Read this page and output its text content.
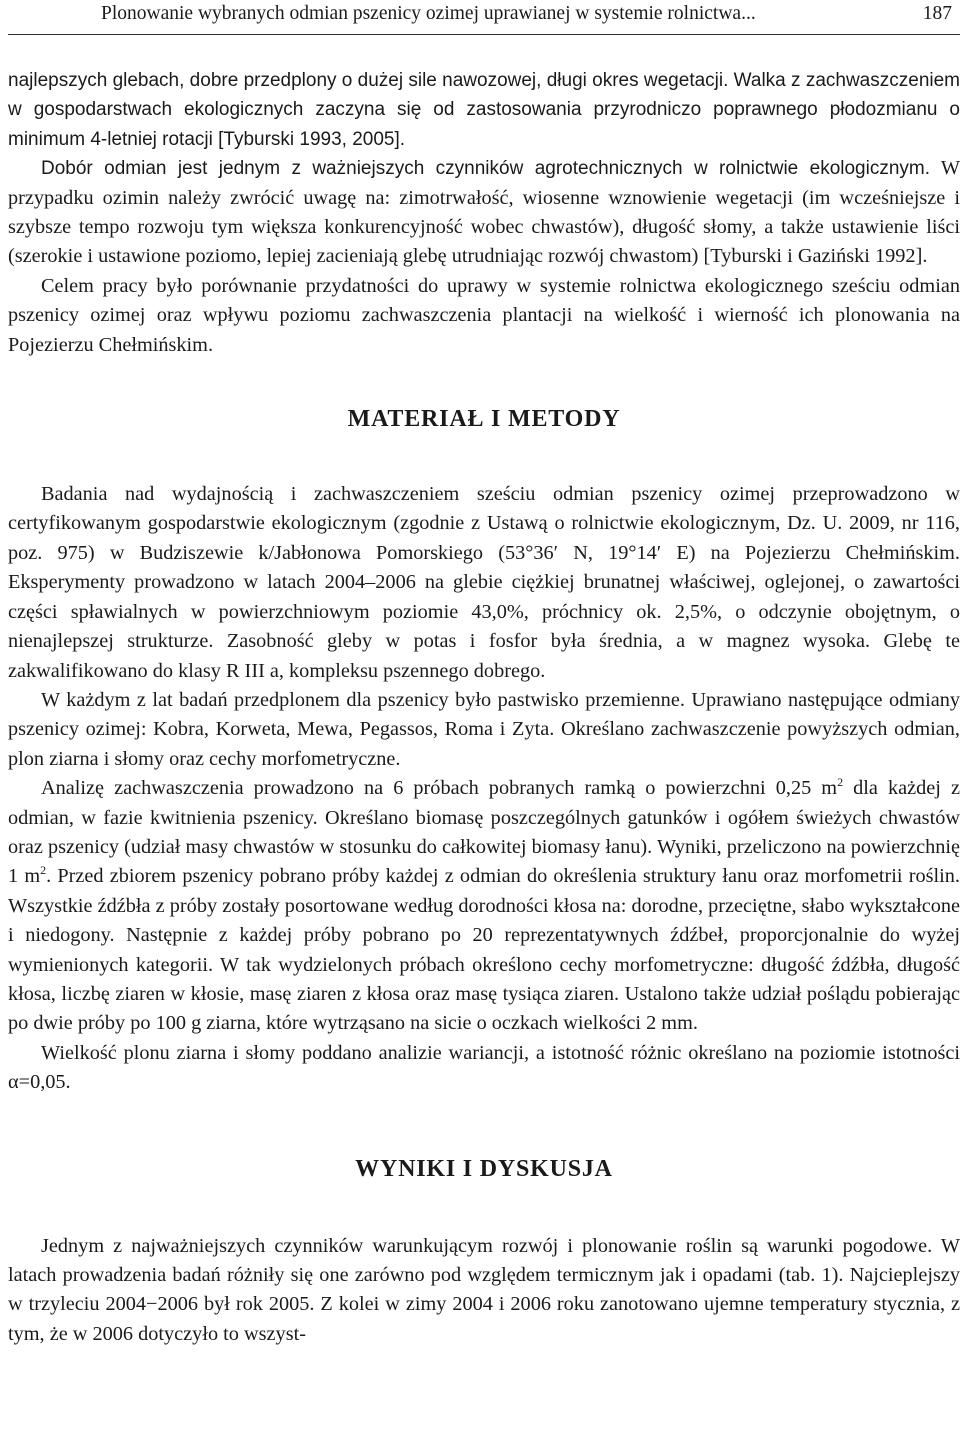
Plonowanie wybranych odmian pszenicy ozimej uprawianej w systemie rolnictwa...	187

najlepszych glebach, dobre przedplony o dużej sile nawozowej, długi okres wegetacji. Walka z zachwaszczeniem w gospodarstwach ekologicznych zaczyna się od zastosowania przyrodniczo poprawnego płodozmianu o minimum 4-letniej rotacji [Tyburski 1993, 2005].

Dobór odmian jest jednym z ważniejszych czynników agrotechnicznych w rolnictwie ekologicznym. W przypadku ozimin należy zwrócić uwagę na: zimotrwałość, wiosenne wznowienie wegetacji (im wcześniejsze i szybsze tempo rozwoju tym większa konkurencyjność wobec chwastów), długość słomy, a także ustawienie liści (szerokie i ustawione poziomo, lepiej zacieniają glebę utrudniając rozwój chwastom) [Tyburski i Gaziński 1992].

Celem pracy było porównanie przydatności do uprawy w systemie rolnictwa ekologicznego sześciu odmian pszenicy ozimej oraz wpływu poziomu zachwaszczenia plantacji na wielkość i wierność ich plonowania na Pojezierzu Chełmińskim.

MATERIAŁ I METODY

Badania nad wydajnością i zachwaszczeniem sześciu odmian pszenicy ozimej przeprowadzono w certyfikowanym gospodarstwie ekologicznym (zgodnie z Ustawą o rolnictwie ekologicznym, Dz. U. 2009, nr 116, poz. 975) w Budziszewie k/Jabłonowa Pomorskiego (53°36′ N, 19°14′ E) na Pojezierzu Chełmińskim. Eksperymenty prowadzono w latach 2004–2006 na glebie ciężkiej brunatnej właściwej, oglejonej, o zawartości części spławialnych w powierzchniowym poziomie 43,0%, próchnicy ok. 2,5%, o odczynie obojętnym, o nienajlepszej strukturze. Zasobność gleby w potas i fosfor była średnia, a w magnez wysoka. Glebę te zakwalifikowano do klasy R III a, kompleksu pszennego dobrego.

W każdym z lat badań przedplonem dla pszenicy było pastwisko przemienne. Uprawiano następujące odmiany pszenicy ozimej: Kobra, Korweta, Mewa, Pegassos, Roma i Zyta. Określano zachwaszczenie powyższych odmian, plon ziarna i słomy oraz cechy morfometryczne.

Analizę zachwaszczenia prowadzono na 6 próbach pobranych ramką o powierzchni 0,25 $m^2$ dla każdej z odmian, w fazie kwitnienia pszenicy. Określano biomasę poszczególnych gatunków i ogółem świeżych chwastów oraz pszenicy (udział masy chwastów w stosunku do całkowitej biomasy łanu). Wyniki, przeliczono na powierzchnię 1 $m^2$. Przed zbiorem pszenicy pobrano próby każdej z odmian do określenia struktury łanu oraz morfometrii roślin. Wszystkie źdźbła z próby zostały posortowane według dorodności kłosa na: dorodne, przeciętne, słabo wykształcone i niedogony. Następnie z każdej próby pobrano po 20 reprezentatywnych źdźbeł, proporcjonalnie do wyżej wymienionych kategorii. W tak wydzielonych próbach określono cechy morfometryczne: długość źdźbła, długość kłosa, liczbę ziaren w kłosie, masę ziaren z kłosa oraz masę tysiąca ziaren. Ustalono także udział poślądu pobierając po dwie próby po 100 g ziarna, które wytrząsano na sicie o oczkach wielkości 2 mm.

Wielkość plonu ziarna i słomy poddano analizie wariancji, a istotność różnic określano na poziomie istotności α=0,05.

WYNIKI I DYSKUSJA

Jednym z najważniejszych czynników warunkującym rozwój i plonowanie roślin są warunki pogodowe. W latach prowadzenia badań różniły się one zarówno pod względem termicznym jak i opadami (tab. 1). Najcieplejszy w trzyleciu 2004−2006 był rok 2005. Z kolei w zimy 2004 i 2006 roku zanotowano ujemne temperatury stycznia, z tym, że w 2006 dotyczyło to wszyst-
